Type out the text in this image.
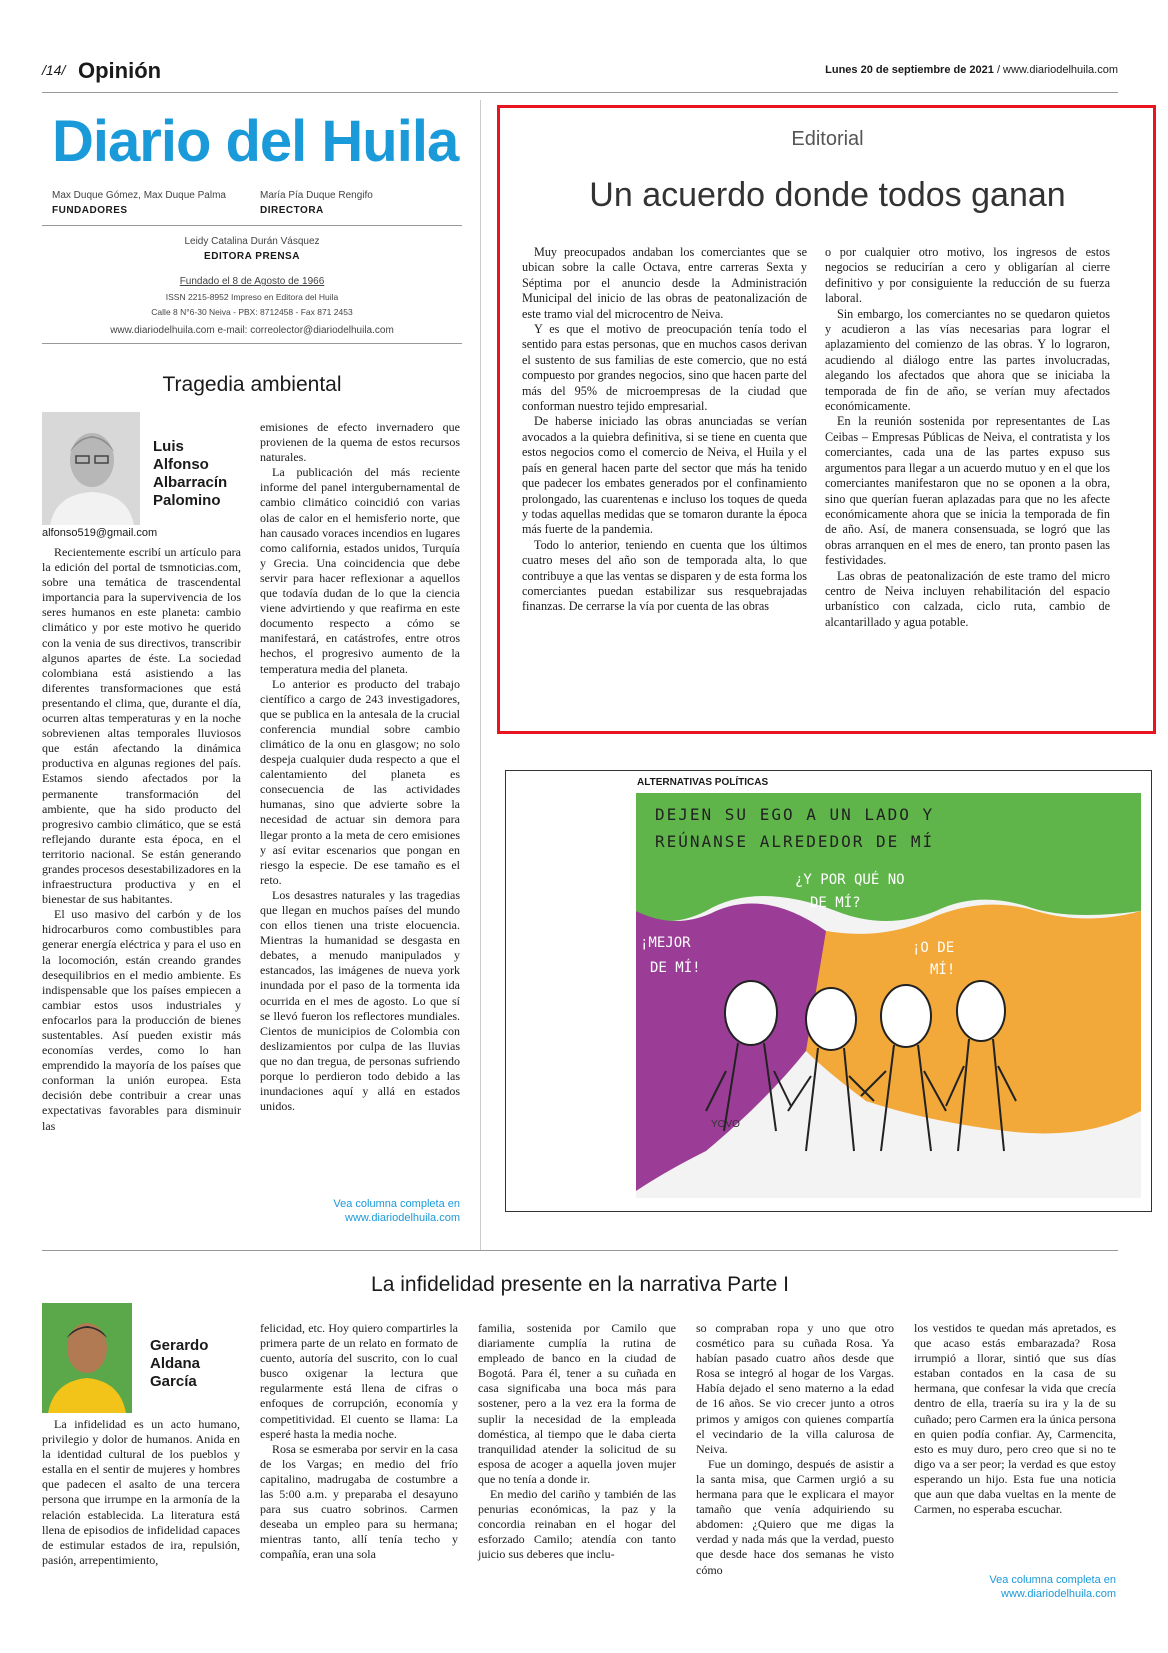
/14/ Opinión	Lunes 20 de septiembre de 2021 / www.diariodelhuila.com
Diario del Huila
Max Duque Gómez, Max Duque Palma
FUNDADORES
María Pía Duque Rengifo
DIRECTORA
Leidy Catalina Durán Vásquez
EDITORA PRENSA
Fundado el 8 de Agosto de 1966
ISSN 2215-8952 Impreso en Editora del Huila
Calle 8 N°6-30 Neiva - PBX: 8712458 - Fax 871 2453
www.diariodelhuila.com e-mail: correolector@diariodelhuila.com
Tragedia ambiental
Luis Alfonso Albarracín Palomino
alfonso519@gmail.com

Recientemente escribí un artículo para la edición del portal de tsmnoticias.com, sobre una temática de trascendental importancia para la supervivencia de los seres humanos en este planeta: cambio climático y por este motivo he querido con la venia de sus directivos, transcribir algunos apartes de éste. La sociedad colombiana está asistiendo a las diferentes transformaciones que está presentando el clima, que, durante el día, ocurren altas temperaturas y en la noche sobrevienen altas temporales lluviosos que están afectando la dinámica productiva en algunas regiones del país. Estamos siendo afectados por la permanente transformación del ambiente, que ha sido producto del progresivo cambio climático, que se está reflejando durante esta época, en el territorio nacional. Se están generando grandes procesos desestabilizadores en la infraestructura productiva y en el bienestar de sus habitantes.

El uso masivo del carbón y de los hidrocarburos como combustibles para generar energía eléctrica y para el uso en la locomoción, están creando grandes desequilibrios en el medio ambiente. Es indispensable que los países empiecen a cambiar estos usos industriales y enfocarlos para la producción de bienes sustentables. Así pueden existir más economías verdes, como lo han emprendido la mayoría de los países que conforman la unión europea. Esta decisión debe contribuir a crear unas expectativas favorables para disminuir las

emisiones de efecto invernadero que provienen de la quema de estos recursos naturales.

La publicación del más reciente informe del panel intergubernamental de cambio climático coincidió con varias olas de calor en el hemisferio norte, que han causado voraces incendios en lugares como california, estados unidos, Turquía y Grecia. Una coincidencia que debe servir para hacer reflexionar a aquellos que todavía dudan de lo que la ciencia viene advirtiendo y que reafirma en este documento respecto a cómo se manifestará, en catástrofes, entre otros hechos, el progresivo aumento de la temperatura media del planeta.

Lo anterior es producto del trabajo científico a cargo de 243 investigadores, que se publica en la antesala de la crucial conferencia mundial sobre cambio climático de la onu en glasgow; no solo despeja cualquier duda respecto a que el calentamiento del planeta es consecuencia de las actividades humanas, sino que advierte sobre la necesidad de actuar sin demora para llegar pronto a la meta de cero emisiones y así evitar escenarios que pongan en riesgo la especie. De ese tamaño es el reto.

Los desastres naturales y las tragedias que llegan en muchos países del mundo con ellos tienen una triste elocuencia. Mientras la humanidad se desgasta en debates, a menudo manipulados y estancados, las imágenes de nueva york inundada por el paso de la tormenta ida ocurrida en el mes de agosto. Lo que sí se llevó fueron los reflectores mundiales. Cientos de municipios de Colombia con deslizamientos por culpa de las lluvias que no dan tregua, de personas sufriendo porque lo perdieron todo debido a las inundaciones aquí y allá en estados unidos.

Vea columna completa en www.diariodelhuila.com
Editorial
Un acuerdo donde todos ganan

Muy preocupados andaban los comerciantes que se ubican sobre la calle Octava, entre carreras Sexta y Séptima por el anuncio desde la Administración Municipal del inicio de las obras de peatonalización de este tramo vial del microcentro de Neiva.

Y es que el motivo de preocupación tenía todo el sentido para estas personas, que en muchos casos derivan el sustento de sus familias de este comercio, que no está compuesto por grandes negocios, sino que hacen parte del más del 95% de microempresas de la ciudad que conforman nuestro tejido empresarial.

De haberse iniciado las obras anunciadas se verían avocados a la quiebra definitiva, si se tiene en cuenta que estos negocios como el comercio de Neiva, el Huila y el país en general hacen parte del sector que más ha tenido que padecer los embates generados por el confinamiento prolongado, las cuarentenas e incluso los toques de queda y todas aquellas medidas que se tomaron durante la época más fuerte de la pandemia.

Todo lo anterior, teniendo en cuenta que los últimos cuatro meses del año son de temporada alta, lo que contribuye a que las ventas se disparen y de esta forma los comerciantes puedan estabilizar sus resquebrajadas finanzas. De cerrarse la vía por cuenta de las obras

o por cualquier otro motivo, los ingresos de estos negocios se reducirían a cero y obligarían al cierre definitivo y por consiguiente la reducción de su fuerza laboral.

Sin embargo, los comerciantes no se quedaron quietos y acudieron a las vías necesarias para lograr el aplazamiento del comienzo de las obras. Y lo lograron, acudiendo al diálogo entre las partes involucradas, alegando los afectados que ahora que se iniciaba la temporada de fin de año, se verían muy afectados económicamente.

En la reunión sostenida por representantes de Las Ceibas – Empresas Públicas de Neiva, el contratista y los comerciantes, cada una de las partes expuso sus argumentos para llegar a un acuerdo mutuo y en el que los comerciantes manifestaron que no se oponen a la obra, sino que querían fueran aplazadas para que no les afecte económicamente ahora que se inicia la temporada de fin de año. Así, de manera consensuada, se logró que las obras arranquen en el mes de enero, tan pronto pasen las festividades.

Las obras de peatonalización de este tramo del micro centro de Neiva incluyen rehabilitación del espacio urbanístico con calzada, ciclo ruta, cambio de alcantarillado y agua potable.

YOVO
ALTERNATIVAS POLÍTICAS
DEJEN SU EGO A UN LADO Y
REÚNANSE ALREDEDOR DE MÍ
¿Y POR QUÉ NO
DE MÍ?
¡MEJOR
DE MÍ!
¡O DE
MÍ!
La infidelidad presente en la narrativa Parte I
Gerardo Aldana García

La infidelidad es un acto humano, privilegio y dolor de humanos. Anida en la identidad cultural de los pueblos y estalla en el sentir de mujeres y hombres que padecen el asalto de una tercera persona que irrumpe en la armonía de la relación establecida. La literatura está llena de episodios de infidelidad capaces de estimular estados de ira, repulsión, pasión, arrepentimiento,

felicidad, etc. Hoy quiero compartirles la primera parte de un relato en formato de cuento, autoría del suscrito, con lo cual busco oxigenar la lectura que regularmente está llena de cifras o enfoques de corrupción, economía y competitividad. El cuento se llama: La esperé hasta la media noche.

Rosa se esmeraba por servir en la casa de los Vargas; en medio del frío capitalino, madrugaba de costumbre a las 5:00 a.m. y preparaba el desayuno para sus cuatro sobrinos. Carmen deseaba un empleo para su hermana; mientras tanto, allí tenía techo y compañía, eran una sola

familia, sostenida por Camilo que diariamente cumplía la rutina de empleado de banco en la ciudad de Bogotá. Para él, tener a su cuñada en casa significaba una boca más para sostener, pero a la vez era la forma de suplir la necesidad de la empleada doméstica, al tiempo que le daba cierta tranquilidad atender la solicitud de su esposa de acoger a aquella joven mujer que no tenía a donde ir.

En medio del cariño y también de las penurias económicas, la paz y la concordia reinaban en el hogar del esforzado Camilo; atendía con tanto juicio sus deberes que inclu-

so compraban ropa y uno que otro cosmético para su cuñada Rosa. Ya habían pasado cuatro años desde que Rosa se integró al hogar de los Vargas. Había dejado el seno materno a la edad de 16 años. Se vio crecer junto a otros primos y amigos con quienes compartía el vecindario de la villa calurosa de Neiva.

Fue un domingo, después de asistir a la santa misa, que Carmen urgió a su hermana para que le explicara el mayor tamaño que venía adquiriendo su abdomen: ¿Quiero que me digas la verdad y nada más que la verdad, puesto que desde hace dos semanas he visto cómo

los vestidos te quedan más apretados, es que acaso estás embarazada? Rosa irrumpió a llorar, sintió que sus días estaban contados en la casa de su hermana, que confesar la vida que crecía dentro de ella, traería su ira y la de su cuñado; pero Carmen era la única persona en quien podía confiar. Ay, Carmencita, esto es muy duro, pero creo que si no te digo va a ser peor; la verdad es que estoy esperando un hijo. Esta fue una noticia que aun que daba vueltas en la mente de Carmen, no esperaba escuchar.

Vea columna completa en www.diariodelhuila.com
